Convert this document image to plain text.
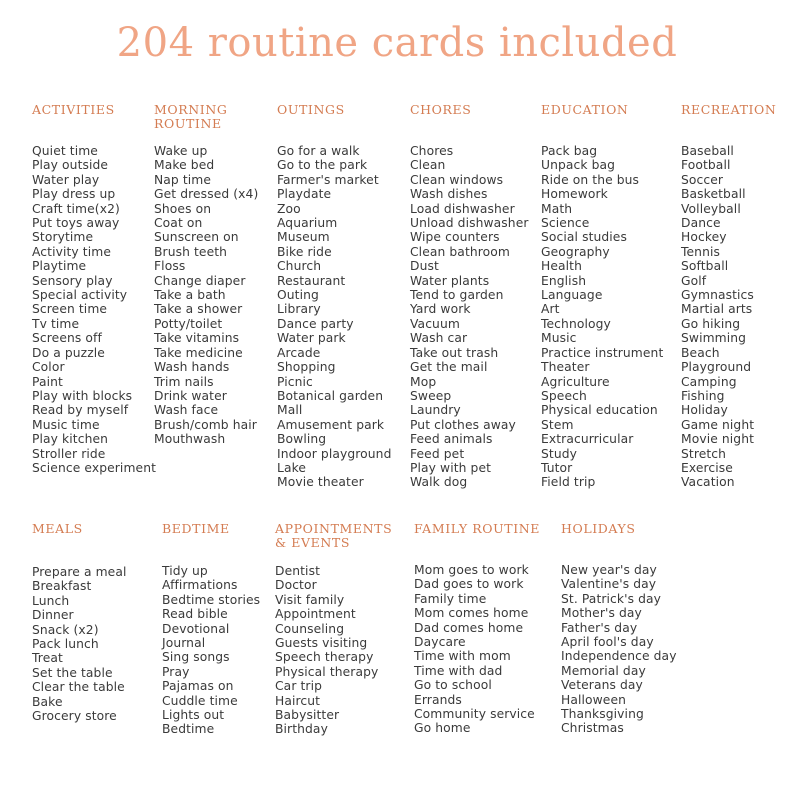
204 routine cards included
ACTIVITIES
Quiet time
Play outside
Water play
Play dress up
Craft time(x2)
Put toys away
Storytime
Activity time
Playtime
Sensory play
Special activity
Screen time
Tv time
Screens off
Do a puzzle
Color
Paint
Play with blocks
Read by myself
Music time
Play kitchen
Stroller ride
Science experiment
MORNING
ROUTINE
Wake up
Make bed
Nap time
Get dressed (x4)
Shoes on
Coat on
Sunscreen on
Brush teeth
Floss
Change diaper
Take a bath
Take a shower
Potty/toilet
Take vitamins
Take medicine
Wash hands
Trim nails
Drink water
Wash face
Brush/comb hair
Mouthwash
OUTINGS
Go for a walk
Go to the park
Farmer's market
Playdate
Zoo
Aquarium
Museum
Bike ride
Church
Restaurant
Outing
Library
Dance party
Water park
Arcade
Shopping
Picnic
Botanical garden
Mall
Amusement park
Bowling
Indoor playground
Lake
Movie theater
CHORES
Chores
Clean
Clean windows
Wash dishes
Load dishwasher
Unload dishwasher
Wipe counters
Clean bathroom
Dust
Water plants
Tend to garden
Yard work
Vacuum
Wash car
Take out trash
Get the mail
Mop
Sweep
Laundry
Put clothes away
Feed animals
Feed pet
Play with pet
Walk dog
EDUCATION
Pack bag
Unpack bag
Ride on the bus
Homework
Math
Science
Social studies
Geography
Health
English
Language
Art
Technology
Music
Practice instrument
Theater
Agriculture
Speech
Physical education
Stem
Extracurricular
Study
Tutor
Field trip
RECREATION
Baseball
Football
Soccer
Basketball
Volleyball
Dance
Hockey
Tennis
Softball
Golf
Gymnastics
Martial arts
Go hiking
Swimming
Beach
Playground
Camping
Fishing
Holiday
Game night
Movie night
Stretch
Exercise
Vacation
MEALS
Prepare a meal
Breakfast
Lunch
Dinner
Snack (x2)
Pack lunch
Treat
Set the table
Clear the table
Bake
Grocery store
BEDTIME
Tidy up
Affirmations
Bedtime stories
Read bible
Devotional
Journal
Sing songs
Pray
Pajamas on
Cuddle time
Lights out
Bedtime
APPOINTMENTS
& EVENTS
Dentist
Doctor
Visit family
Appointment
Counseling
Guests visiting
Speech therapy
Physical therapy
Car trip
Haircut
Babysitter
Birthday
FAMILY ROUTINE
Mom goes to work
Dad goes to work
Family time
Mom comes home
Dad comes home
Daycare
Time with mom
Time with dad
Go to school
Errands
Community service
Go home
HOLIDAYS
New year's day
Valentine's day
St. Patrick's day
Mother's day
Father's day
April fool's day
Independence day
Memorial day
Veterans day
Halloween
Thanksgiving
Christmas
